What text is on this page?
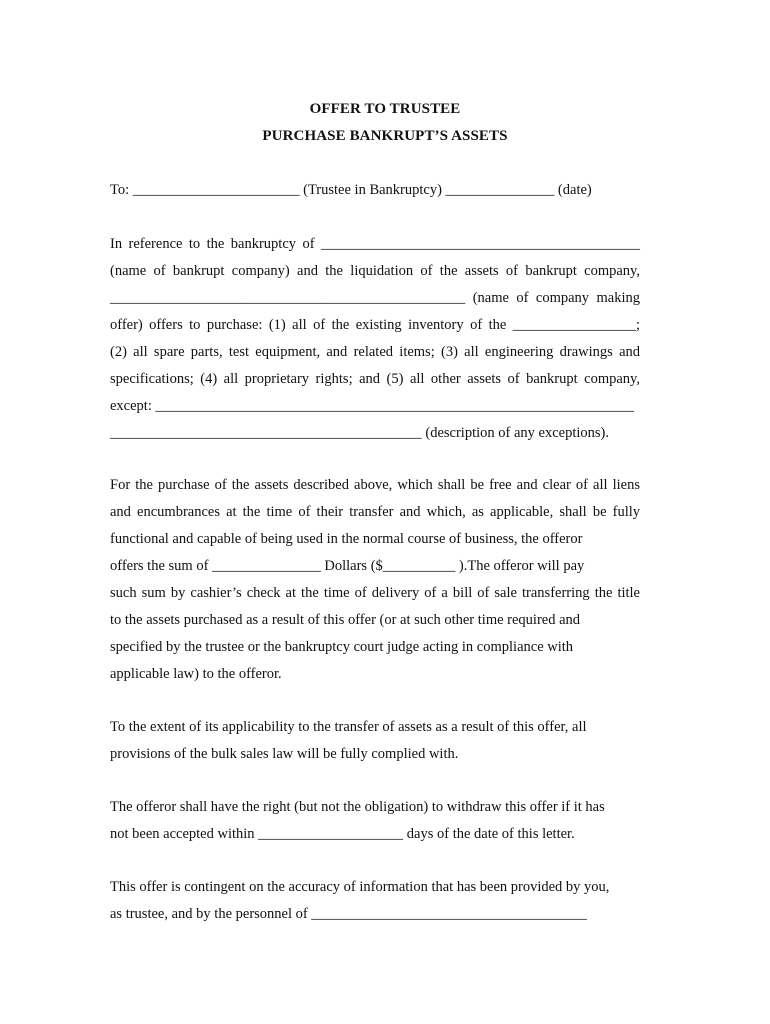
OFFER TO TRUSTEE
PURCHASE BANKRUPT’S ASSETS
To: _______________________ (Trustee in Bankruptcy) _______________ (date)
In reference to the bankruptcy of ____________________________________________
(name of bankrupt company) and the liquidation of the assets of bankrupt company,
_________________________________________________ (name of company making
offer) offers to purchase: (1) all of the existing inventory of the _________________;
(2) all spare parts, test equipment, and related items; (3) all engineering drawings and
specifications; (4) all proprietary rights; and (5) all other assets of bankrupt company,
except: __________________________________________________________________
___________________________________________ (description of any exceptions).
For the purchase of the assets described above, which shall be free and clear of all liens
and encumbrances at the time of their transfer and which, as applicable, shall be fully
functional and capable of being used in the normal course of business, the offeror
offers the sum of _______________ Dollars ($__________ ).The offeror will pay
such sum by cashier’s check at the time of delivery of a bill of sale transferring the title
to the assets purchased as a result of this offer (or at such other time required and
specified by the trustee or the bankruptcy court judge acting in compliance with
applicable law) to the offeror.
To the extent of its applicability to the transfer of assets as a result of this offer, all
provisions of the bulk sales law will be fully complied with.
The offeror shall have the right (but not the obligation) to withdraw this offer if it has
not been accepted within ____________________ days of the date of this letter.
This offer is contingent on the accuracy of information that has been provided by you,
as trustee, and by the personnel of ______________________________________
